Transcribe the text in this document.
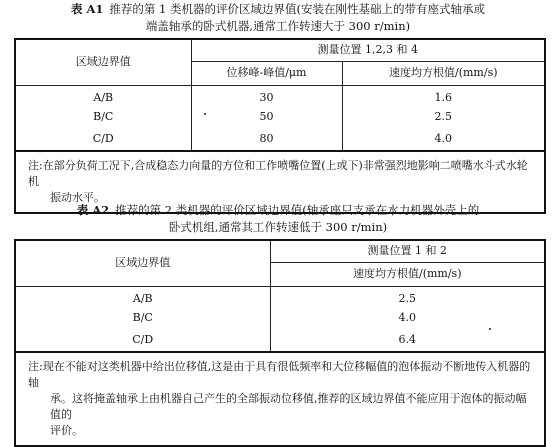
表 A1 推荐的第 1 类机器的评价区域边界值(安装在刚性基础上的带有座式轴承或
端盖轴承的卧式机器,通常工作转速大于 300 r/min)
区域边界值	测量位置 1,2,3 和 4	
	位移峰-峰值/μm	速度均方根值/(mm/s)
A/B	30	1.6
B/C	50	2.5
C/D	80	4.0
注:在部分负荷工况下,合成稳态力向量的方位和工作喷嘴位置(上或下)非常强烈地影响二喷嘴水斗式水轮机
振动水平。		
表 A2 推荐的第 2 类机器的评价区域边界值(轴承座只支承在水力机器外壳上的
卧式机组,通常其工作转速低于 300 r/min)
区域边界值	测量位置 1 和 2
	速度均方根值/(mm/s)
A/B	2.5
B/C	4.0
C/D	6.4
注:现在不能对这类机器中给出位移值,这是由于具有很低频率和大位移幅值的泡体振动不断地传入机器的轴
承。这将掩盖轴承上由机器自己产生的全部振动位移值,推荐的区域边界值不能应用于泡体的振动幅值的
评价。	
